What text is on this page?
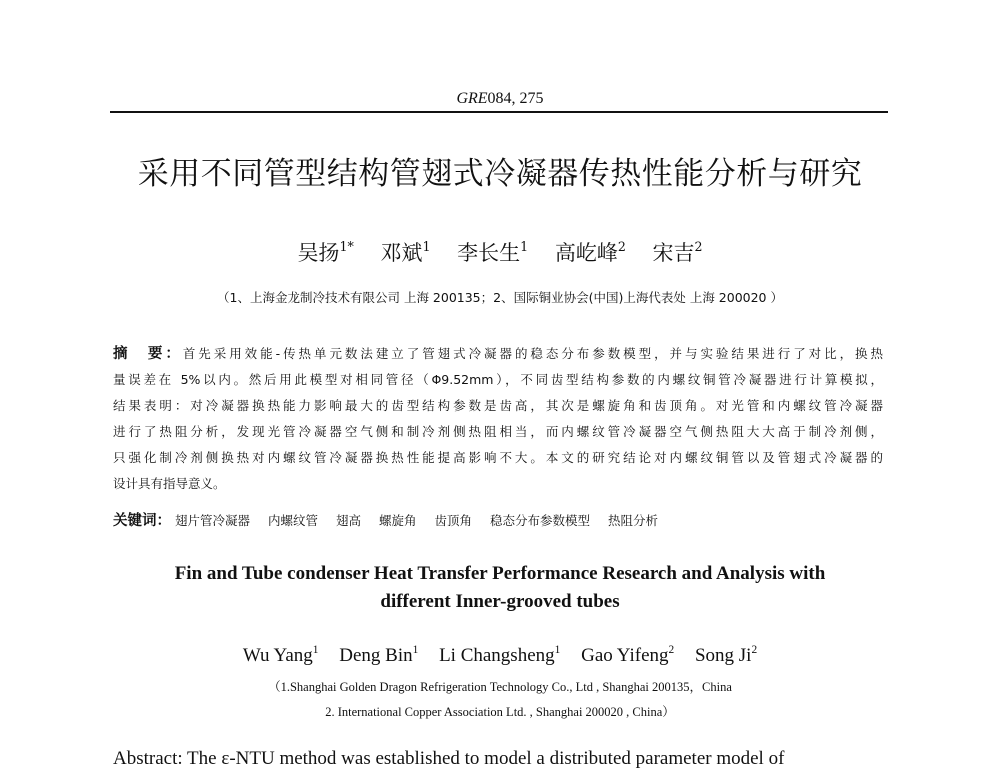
GRE084, 275
采用不同管型结构管翅式冷凝器传热性能分析与研究
吴扬$^{1*}$ 邓斌$^1$ 李长生$^1$ 高屹峰$^2$ 宋吉$^2$
（1、上海金龙制冷技术有限公司 上海 200135；2、国际铜业协会(中国)上海代表处 上海 200020 ）
摘　要：首先采用效能-传热单元数法建立了管翅式冷凝器的稳态分布参数模型，并与实验结果进行了对比，换热
量误差在 5%以内。然后用此模型对相同管径（Φ9.52mm），不同齿型结构参数的内螺纹铜管冷凝器进行计算模拟，
结果表明：对冷凝器换热能力影响最大的齿型结构参数是齿高，其次是螺旋角和齿顶角。对光管和内螺纹管冷凝器
进行了热阻分析，发现光管冷凝器空气侧和制冷剂侧热阻相当，而内螺纹管冷凝器空气侧热阻大大高于制冷剂侧，
只强化制冷剂侧换热对内螺纹管冷凝器换热性能提高影响不大。本文的研究结论对内螺纹铜管以及管翅式冷凝器的
设计具有指导意义。
关键词： 翅片管冷凝器 内螺纹管 翅高 螺旋角 齿顶角 稳态分布参数模型 热阻分析
Fin and Tube condenser Heat Transfer Performance Research and Analysis with
different Inner-grooved tubes
Wu Yang$^1$ Deng Bin$^1$ Li Changsheng$^1$ Gao Yifeng$^2$ Song Ji$^2$
（1.Shanghai Golden Dragon Refrigeration Technology Co., Ltd , Shanghai 200135，China
2. International Copper Association Ltd. , Shanghai 200020 , China）
Abstract: The ε-NTU method was established to model a distributed parameter model of
